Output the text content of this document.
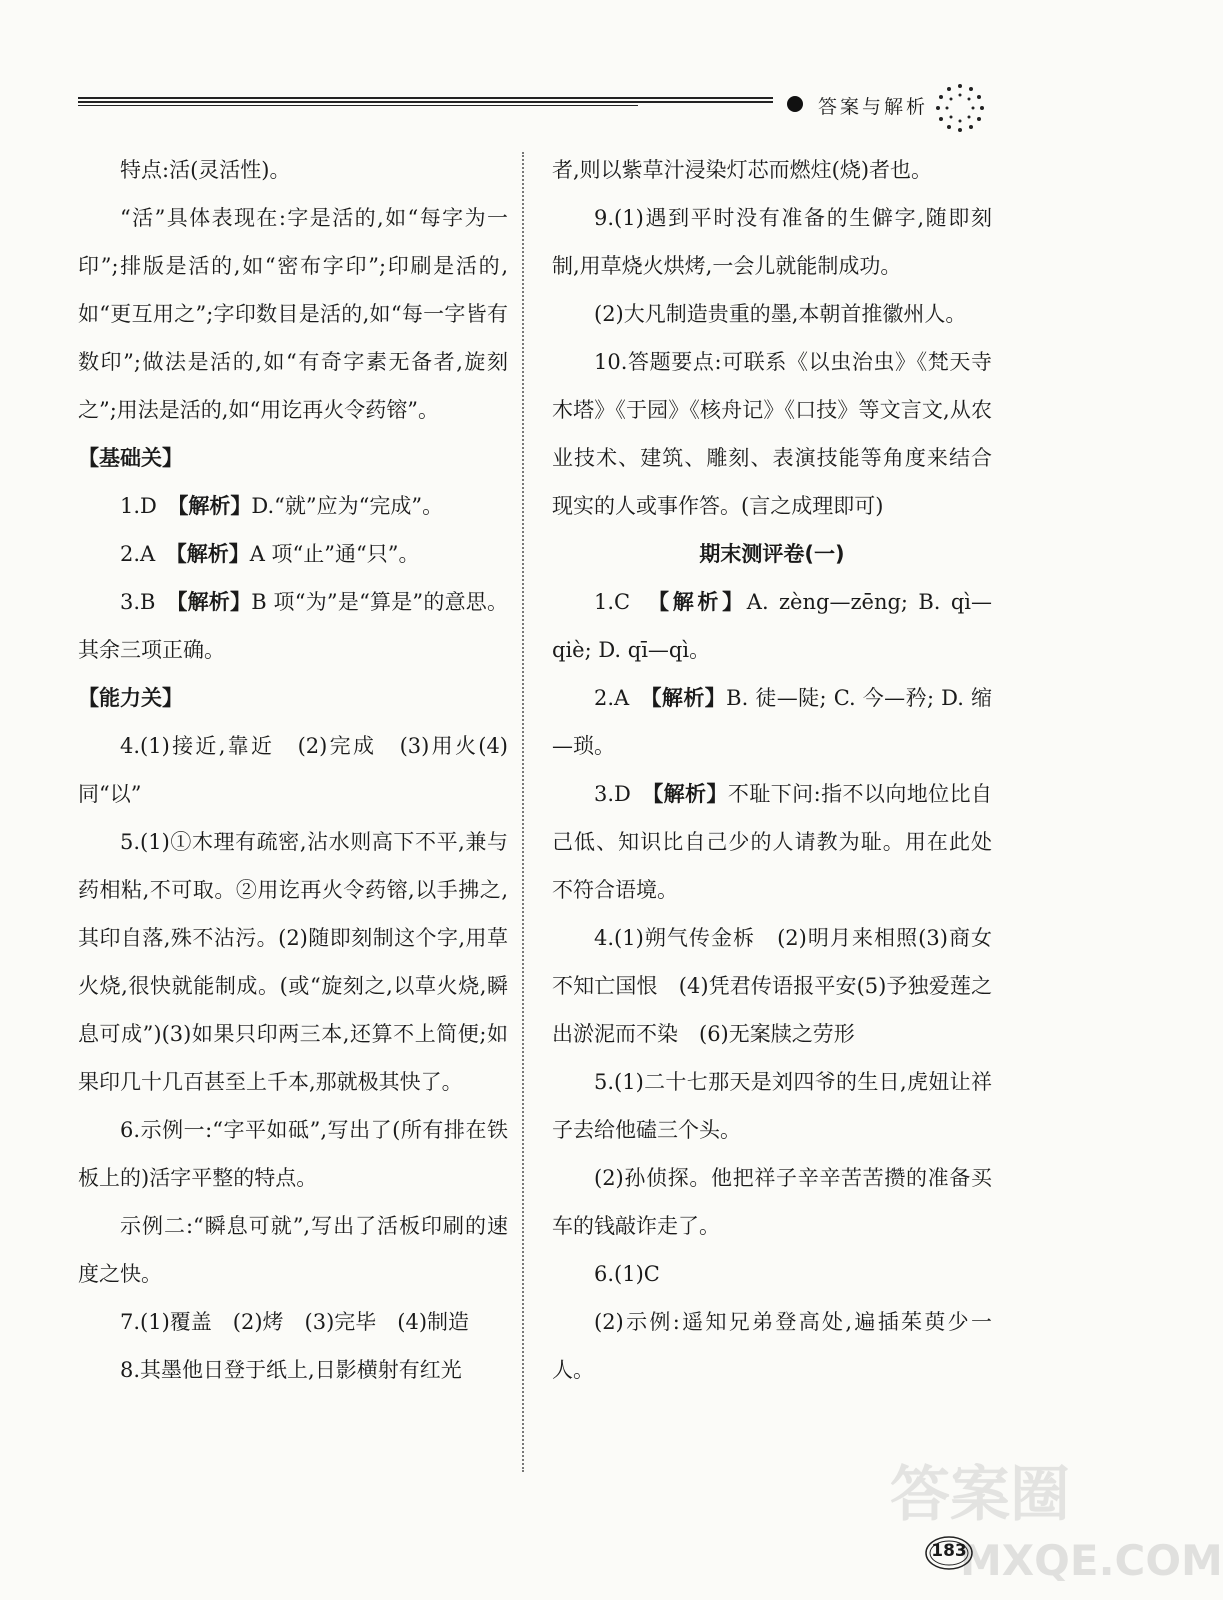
答案与解析

特点:活(灵活性)。

“活”具体表现在:字是活的,如“每字为一印”;排版是活的,如“密布字印”;印刷是活的,如“更互用之”;字印数目是活的,如“每一字皆有数印”;做法是活的,如“有奇字素无备者,旋刻之”;用法是活的,如“用讫再火令药镕”。

【基础关】

1.D　 【解析】D.“就”应为“完成”。

2.A　 【解析】A 项“止”通“只”。

3.B　 【解析】B 项“为”是“算是”的意思。其余三项正确。

【能力关】

4.(1)接近,靠近　(2)完成　(3)用火(4)同“以”

5.(1)①木理有疏密,沾水则高下不平,兼与药相粘,不可取。②用讫再火令药镕,以手拂之,其印自落,殊不沾污。(2)随即刻制这个字,用草火烧,很快就能制成。(或“旋刻之,以草火烧,瞬息可成”)(3)如果只印两三本,还算不上简便;如果印几十几百甚至上千本,那就极其快了。

6.示例一:“字平如砥”,写出了(所有排在铁板上的)活字平整的特点。

示例二:“瞬息可就”,写出了活板印刷的速度之快。

7.(1)覆盖　(2)烤　(3)完毕　(4)制造

8.其墨他日登于纸上,日影横射有红光

者,则以紫草汁浸染灯芯而燃炷(烧)者也。

9.(1)遇到平时没有准备的生僻字,随即刻制,用草烧火烘烤,一会儿就能制成功。

(2)大凡制造贵重的墨,本朝首推徽州人。

10.答题要点:可联系《以虫治虫》《梵天寺木塔》《于园》《核舟记》《口技》等文言文,从农业技术、建筑、雕刻、表演技能等角度来结合现实的人或事作答。(言之成理即可)

期末测评卷(一)

1.C　 【解析】A. zèng—zēng; B. qì—qiè; D. qī—qì。

2.A　 【解析】B. 徒—陡; C. 今—矜; D. 缩—琐。

3.D　 【解析】不耻下问:指不以向地位比自己低、知识比自己少的人请教为耻。用在此处不符合语境。

4.(1)朔气传金柝　(2)明月来相照(3)商女不知亡国恨　(4)凭君传语报平安(5)予独爱莲之出淤泥而不染　(6)无案牍之劳形

5.(1)二十七那天是刘四爷的生日,虎妞让祥子去给他磕三个头。

(2)孙侦探。他把祥子辛辛苦苦攒的准备买车的钱敲诈走了。

6.(1)C

(2)示例:遥知兄弟登高处,遍插茱萸少一人。

答案圈
MXQE.COM
183
